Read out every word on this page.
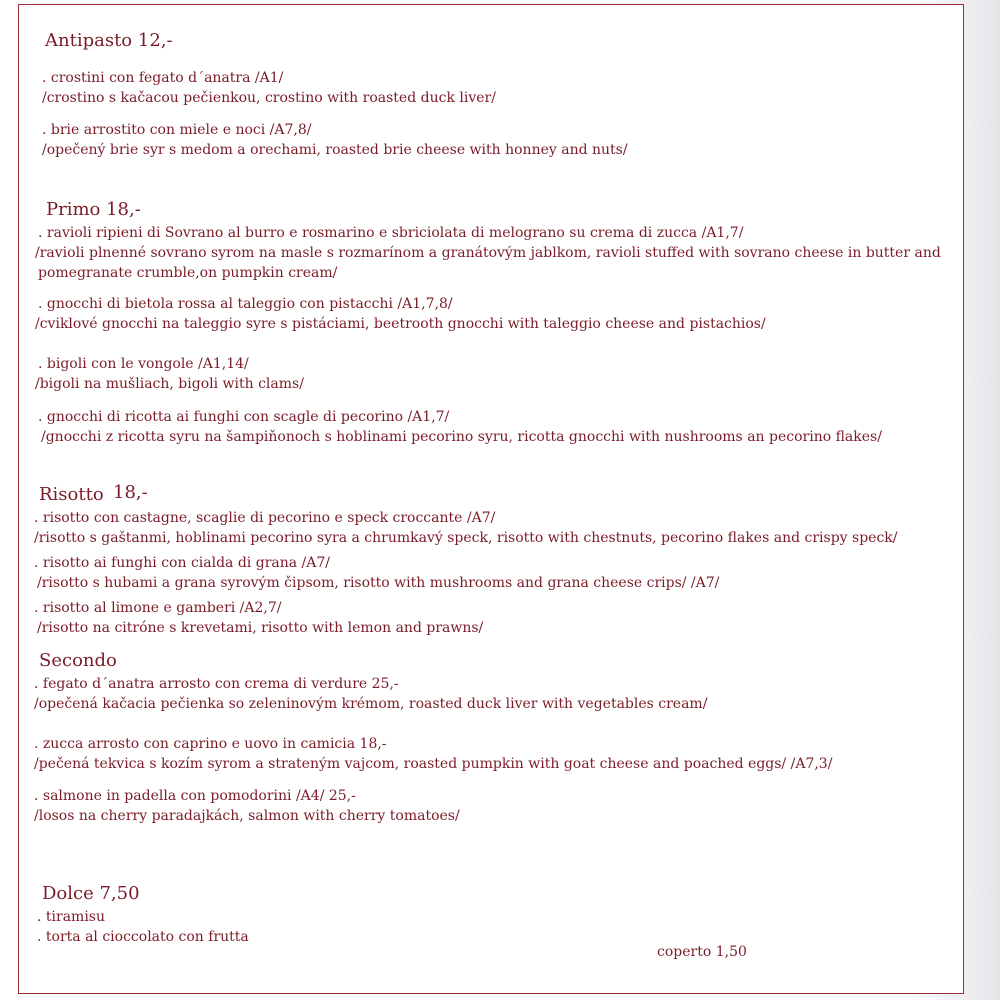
Antipasto 12,-
. crostini con fegato d´anatra /A1/
/crostino s kačacou pečienkou, crostino with roasted duck liver/
. brie arrostito con miele e noci /A7,8/
/opečený brie syr s medom a orechami, roasted brie cheese with honney and nuts/
Primo 18,-
. ravioli ripieni di Sovrano al burro e rosmarino e sbriciolata di melograno su crema di zucca /A1,7/
/ravioli plnenné sovrano syrom na masle s rozmarínom a granátovým jablkom, ravioli stuffed with sovrano cheese in butter and
pomegranate crumble,on pumpkin cream/
. gnocchi di bietola rossa al taleggio con pistacchi /A1,7,8/
/cviklové gnocchi na taleggio syre s pistáciami, beetrooth gnocchi with taleggio cheese and pistachios/
. bigoli con le vongole /A1,14/
/bigoli na mušliach, bigoli with clams/
. gnocchi di ricotta ai funghi con scagle di pecorino /A1,7/
/gnocchi z ricotta syru na šampiňonoch s hoblinami pecorino syru, ricotta gnocchi with nushrooms an pecorino flakes/
Risotto 18,-
. risotto con castagne, scaglie di pecorino e speck croccante /A7/
/risotto s gaštanmi, hoblinami pecorino syra a chrumkavý speck, risotto with chestnuts, pecorino flakes and crispy speck/
. risotto ai funghi con cialda di grana /A7/
/risotto s hubami a grana syrovým čipsom, risotto with mushrooms and grana cheese crips/ /A7/
. risotto al limone e gamberi /A2,7/
/risotto na citróne s krevetami, risotto with lemon and prawns/
Secondo
. fegato d´anatra arrosto con crema di verdure 25,-
/opečená kačacia pečienka so zeleninovým krémom, roasted duck liver with vegetables cream/
. zucca arrosto con caprino e uovo in camicia 18,-
/pečená tekvica s kozím syrom a strateným vajcom, roasted pumpkin with goat cheese and poached eggs/ /A7,3/
. salmone in padella con pomodorini /A4/ 25,-
/losos na cherry paradajkách, salmon with cherry tomatoes/
Dolce 7,50
. tiramisu
. torta al cioccolato con frutta
coperto 1,50
